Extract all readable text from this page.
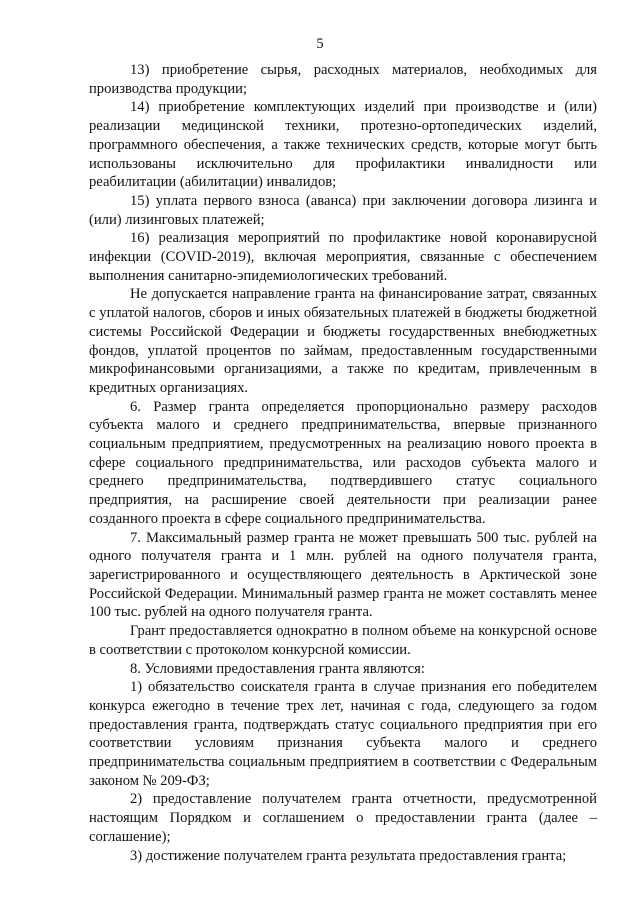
5

13) приобретение сырья, расходных материалов, необходимых для производства продукции;

14) приобретение комплектующих изделий при производстве и (или) реализации медицинской техники, протезно-ортопедических изделий, программного обеспечения, а также технических средств, которые могут быть использованы исключительно для профилактики инвалидности или реабилитации (абилитации) инвалидов;

15) уплата первого взноса (аванса) при заключении договора лизинга и (или) лизинговых платежей;

16) реализация мероприятий по профилактике новой коронавирусной инфекции (COVID-2019), включая мероприятия, связанные с обеспечением выполнения санитарно-эпидемиологических требований.

Не допускается направление гранта на финансирование затрат, связанных с уплатой налогов, сборов и иных обязательных платежей в бюджеты бюджетной системы Российской Федерации и бюджеты государственных внебюджетных фондов, уплатой процентов по займам, предоставленным государственными микрофинансовыми организациями, а также по кредитам, привлеченным в кредитных организациях.

6. Размер гранта определяется пропорционально размеру расходов субъекта малого и среднего предпринимательства, впервые признанного социальным предприятием, предусмотренных на реализацию нового проекта в сфере социального предпринимательства, или расходов субъекта малого и среднего предпринимательства, подтвердившего статус социального предприятия, на расширение своей деятельности при реализации ранее созданного проекта в сфере социального предпринимательства.

7. Максимальный размер гранта не может превышать 500 тыс. рублей на одного получателя гранта и 1 млн. рублей на одного получателя гранта, зарегистрированного и осуществляющего деятельность в Арктической зоне Российской Федерации. Минимальный размер гранта не может составлять менее 100 тыс. рублей на одного получателя гранта.

Грант предоставляется однократно в полном объеме на конкурсной основе в соответствии с протоколом конкурсной комиссии.

8. Условиями предоставления гранта являются:

1) обязательство соискателя гранта в случае признания его победителем конкурса ежегодно в течение трех лет, начиная с года, следующего за годом предоставления гранта, подтверждать статус социального предприятия при его соответствии условиям признания субъекта малого и среднего предпринимательства социальным предприятием в соответствии с Федеральным законом № 209-ФЗ;

2) предоставление получателем гранта отчетности, предусмотренной настоящим Порядком и соглашением о предоставлении гранта (далее – соглашение);

3) достижение получателем гранта результата предоставления гранта;
